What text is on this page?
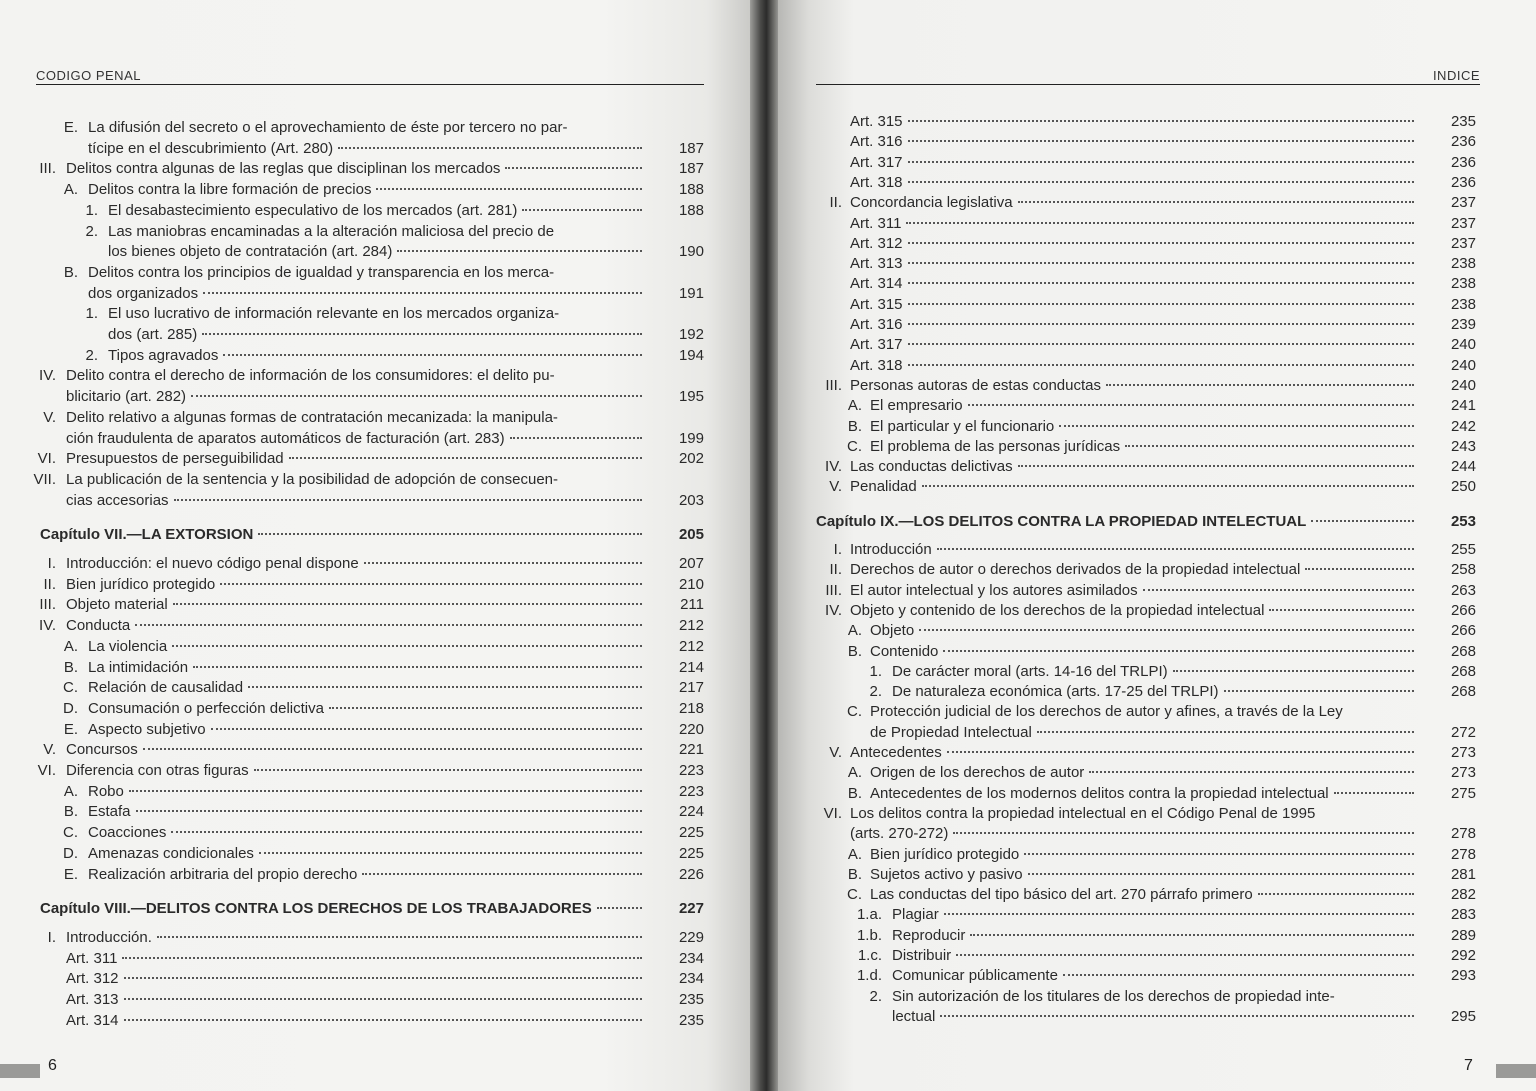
CODIGO PENAL
E. La difusión del secreto o el aprovechamiento de éste por tercero no par-
tícipe en el descubrimiento (Art. 280)	187
III. Delitos contra algunas de las reglas que disciplinan los mercados	187
A. Delitos contra la libre formación de precios	188
1. El desabastecimiento especulativo de los mercados (art. 281)	188
2. Las maniobras encaminadas a la alteración maliciosa del precio de
los bienes objeto de contratación (art. 284)	190
B. Delitos contra los principios de igualdad y transparencia en los merca-
dos organizados	191
1. El uso lucrativo de información relevante en los mercados organiza-
dos (art. 285)	192
2. Tipos agravados	194
IV. Delito contra el derecho de información de los consumidores: el delito pu-
blicitario (art. 282)	195
V. Delito relativo a algunas formas de contratación mecanizada: la manipula-
ción fraudulenta de aparatos automáticos de facturación (art. 283)	199
VI. Presupuestos de perseguibilidad	202
VII. La publicación de la sentencia y la posibilidad de adopción de consecuen-
cias accesorias	203
Capítulo VII.—LA EXTORSION	205
I. Introducción: el nuevo código penal dispone	207
II. Bien jurídico protegido	210
III. Objeto material	211
IV. Conducta	212
A. La violencia	212
B. La intimidación	214
C. Relación de causalidad	217
D. Consumación o perfección delictiva	218
E. Aspecto subjetivo	220
V. Concursos	221
VI. Diferencia con otras figuras	223
A. Robo	223
B. Estafa	224
C. Coacciones	225
D. Amenazas condicionales	225
E. Realización arbitraria del propio derecho	226
Capítulo VIII.—DELITOS CONTRA LOS DERECHOS DE LOS TRABAJADORES	227
I. Introducción.	229
Art. 311	234
Art. 312	234
Art. 313	235
Art. 314	235
6
INDICE
Art. 315	235
Art. 316	236
Art. 317	236
Art. 318	236
II. Concordancia legislativa	237
Art. 311	237
Art. 312	237
Art. 313	238
Art. 314	238
Art. 315	238
Art. 316	239
Art. 317	240
Art. 318	240
III. Personas autoras de estas conductas	240
A. El empresario	241
B. El particular y el funcionario	242
C. El problema de las personas jurídicas	243
IV. Las conductas delictivas	244
V. Penalidad	250
Capítulo IX.—LOS DELITOS CONTRA LA PROPIEDAD INTELECTUAL	253
I. Introducción	255
II. Derechos de autor o derechos derivados de la propiedad intelectual	258
III. El autor intelectual y los autores asimilados	263
IV. Objeto y contenido de los derechos de la propiedad intelectual	266
A. Objeto	266
B. Contenido	268
1. De carácter moral (arts. 14-16 del TRLPI)	268
2. De naturaleza económica (arts. 17-25 del TRLPI)	268
C. Protección judicial de los derechos de autor y afines, a través de la Ley
de Propiedad Intelectual	272
V. Antecedentes	273
A. Origen de los derechos de autor	273
B. Antecedentes de los modernos delitos contra la propiedad intelectual	275
VI. Los delitos contra la propiedad intelectual en el Código Penal de 1995
(arts. 270-272)	278
A. Bien jurídico protegido	278
B. Sujetos activo y pasivo	281
C. Las conductas del tipo básico del art. 270 párrafo primero	282
1.a. Plagiar	283
1.b. Reproducir	289
1.c. Distribuir	292
1.d. Comunicar públicamente	293
2. Sin autorización de los titulares de los derechos de propiedad inte-
lectual	295
7
